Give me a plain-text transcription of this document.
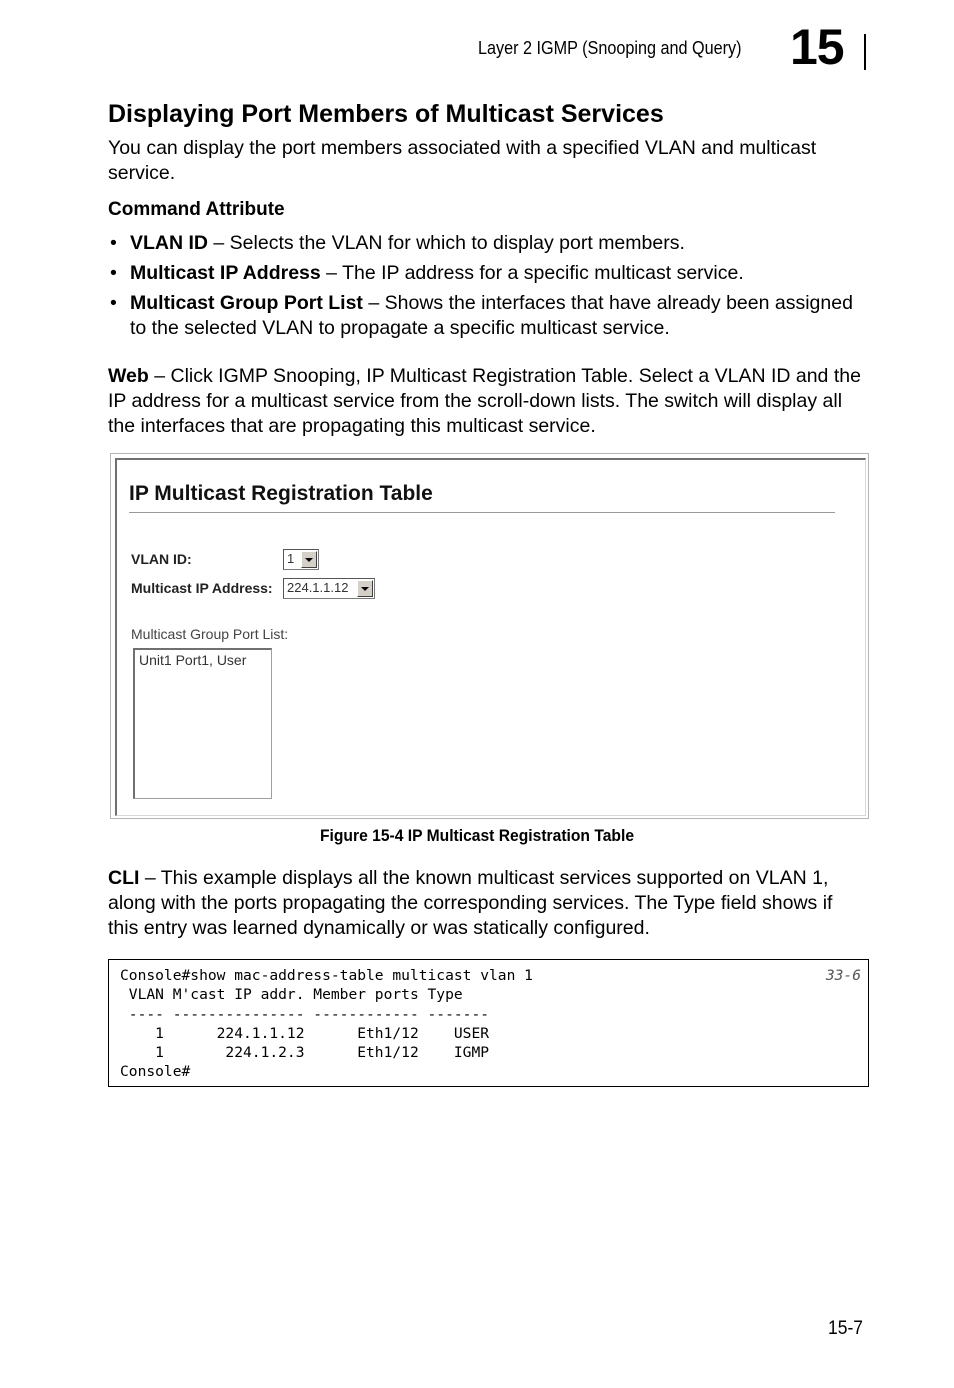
Layer 2 IGMP (Snooping and Query) 15
Displaying Port Members of Multicast Services
You can display the port members associated with a specified VLAN and multicast service.
Command Attribute
• VLAN ID – Selects the VLAN for which to display port members.
• Multicast IP Address – The IP address for a specific multicast service.
• Multicast Group Port List – Shows the interfaces that have already been assigned to the selected VLAN to propagate a specific multicast service.
Web – Click IGMP Snooping, IP Multicast Registration Table. Select a VLAN ID and the IP address for a multicast service from the scroll-down lists. The switch will display all the interfaces that are propagating this multicast service.
IP Multicast Registration Table
VLAN ID:	1
Multicast IP Address: 224.1.1.12
Multicast Group Port List:
Unit1 Port1, User
Figure 15-4 IP Multicast Registration Table
CLI – This example displays all the known multicast services supported on VLAN 1, along with the ports propagating the corresponding services. The Type field shows if this entry was learned dynamically or was statically configured.
Console#show mac-address-table multicast vlan 1
VLAN M'cast IP addr. Member ports Type
---- --------------- ------------ -------
1      224.1.1.12      Eth1/12    USER
1       224.1.2.3      Eth1/12    IGMP
Console#
33-6
15-7
